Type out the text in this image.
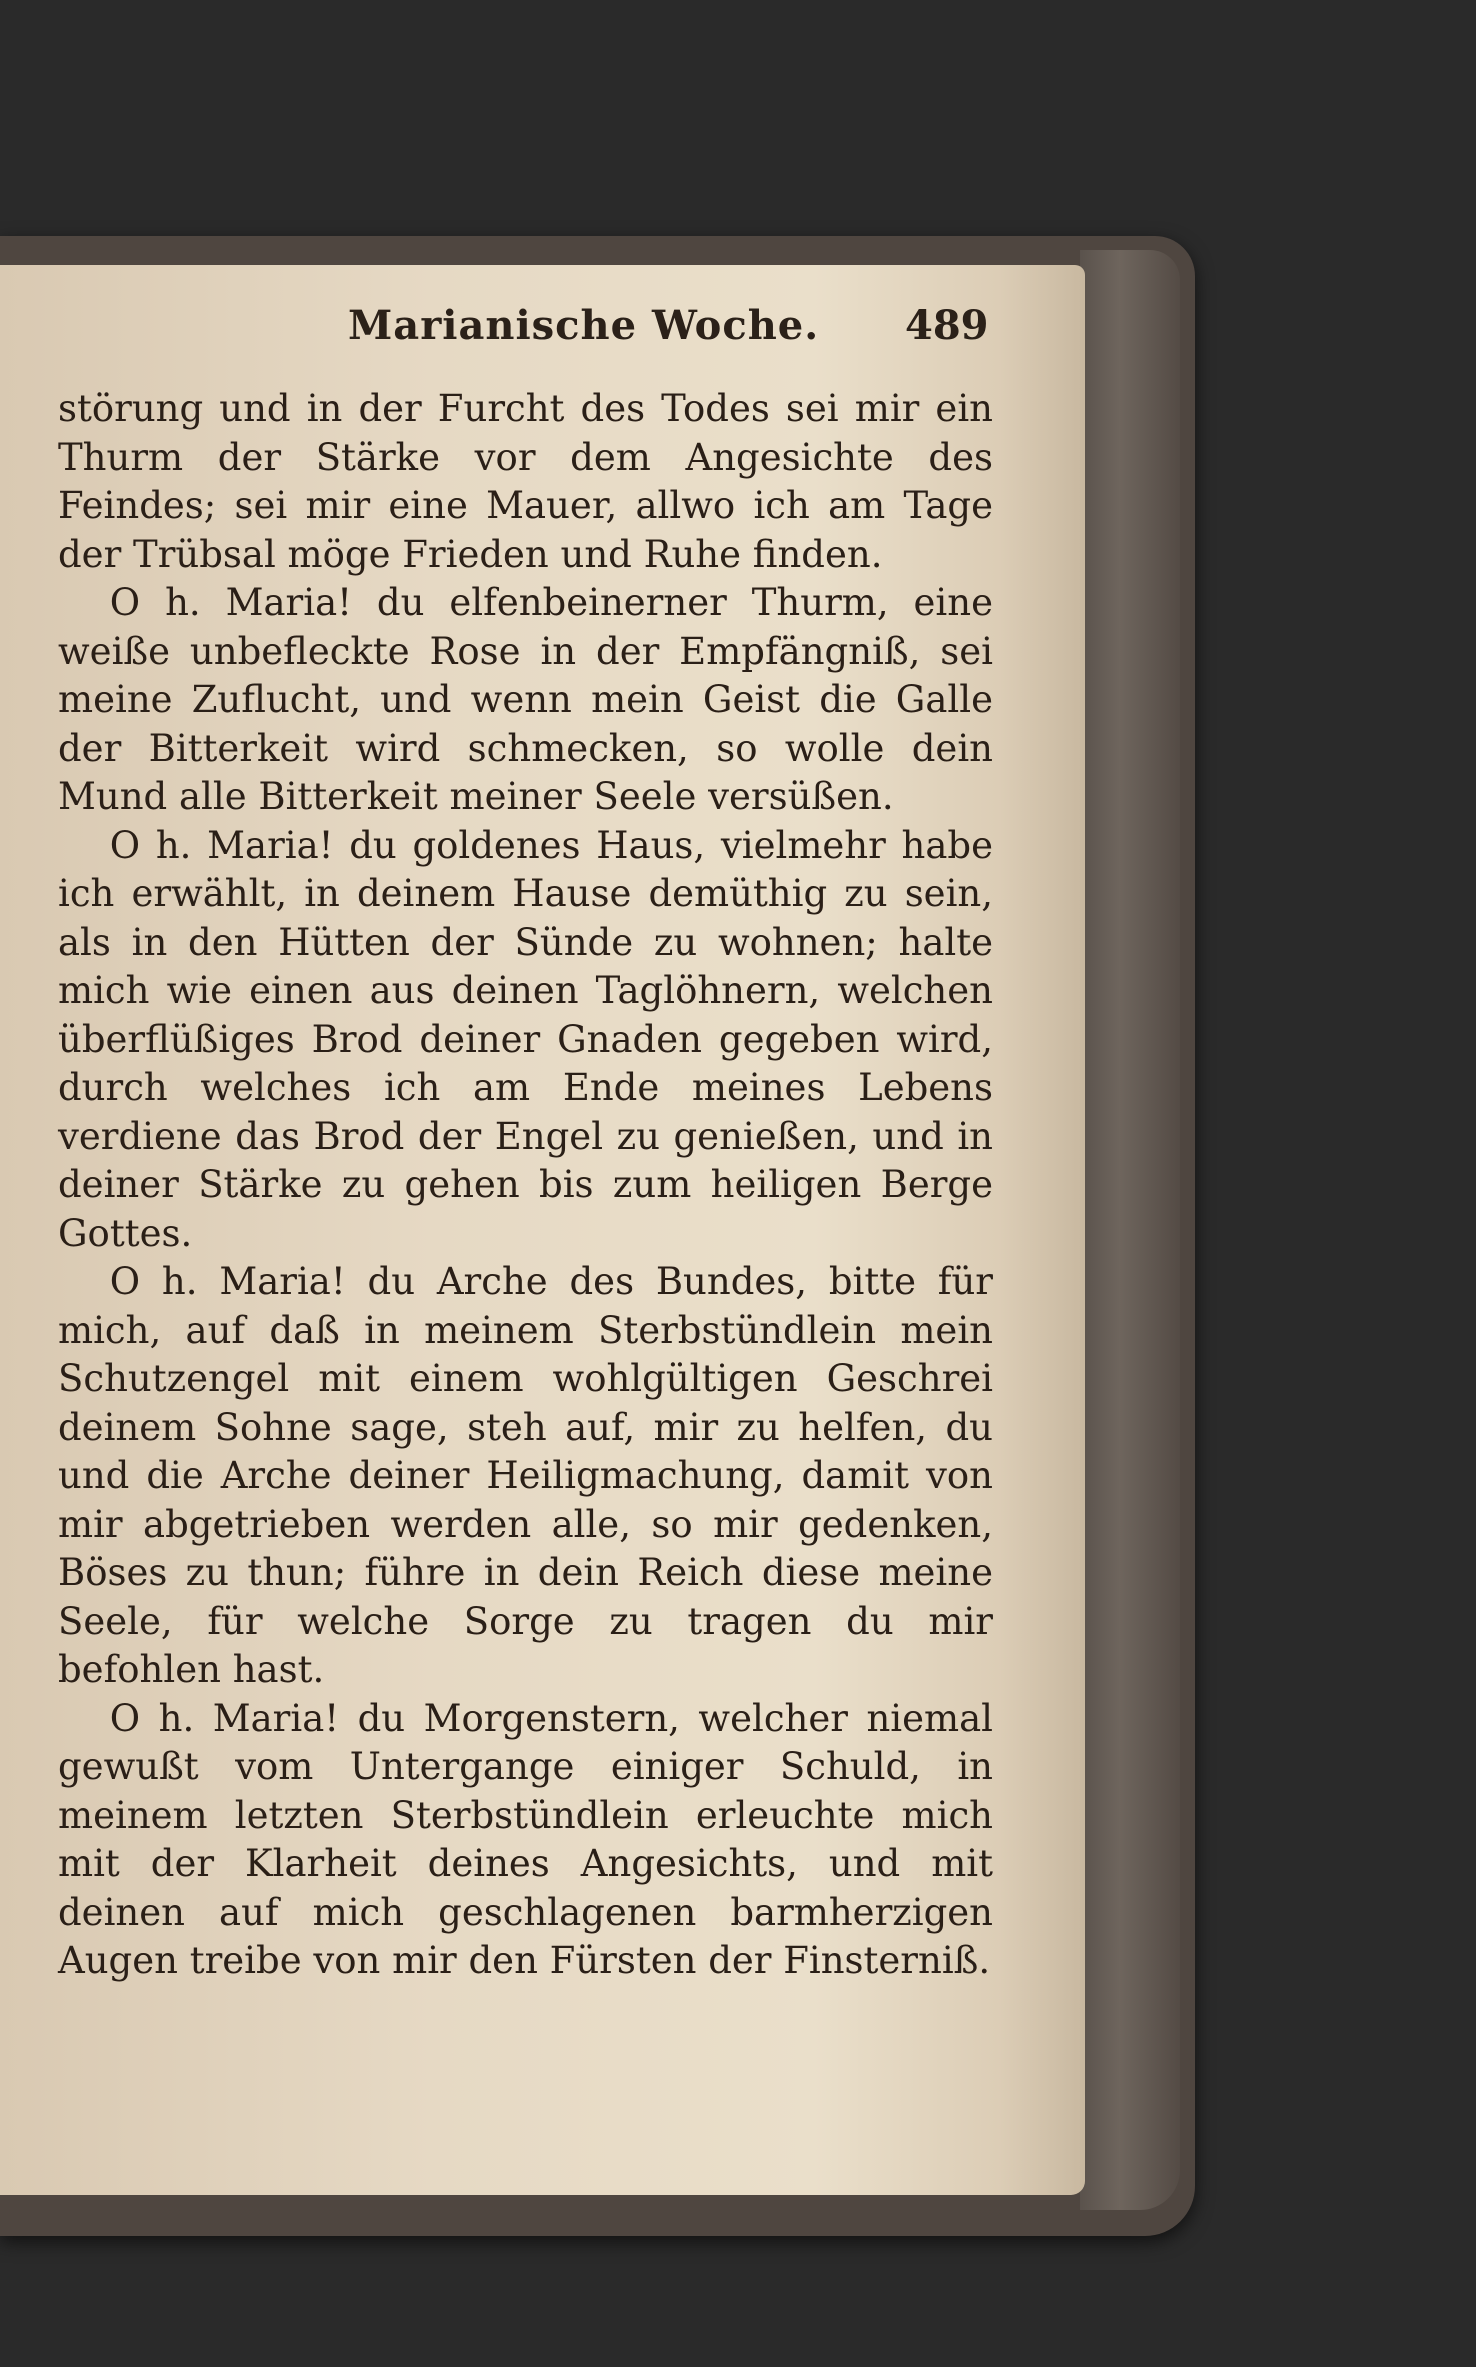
Marianische Woche. 489

störung und in der Furcht des Todes sei mir ein Thurm der Stärke vor dem Angesichte des Feindes; sei mir eine Mauer, allwo ich am Tage der Trübsal möge Frieden und Ruhe finden.

O h. Maria! du elfenbeinerner Thurm, eine weiße unbefleckte Rose in der Empfängniß, sei meine Zuflucht, und wenn mein Geist die Galle der Bitterkeit wird schmecken, so wolle dein Mund alle Bitterkeit meiner Seele versüßen.

O h. Maria! du goldenes Haus, vielmehr habe ich erwählt, in deinem Hause demüthig zu sein, als in den Hütten der Sünde zu wohnen; halte mich wie einen aus deinen Taglöhnern, welchen überflüßiges Brod deiner Gnaden gegeben wird, durch welches ich am Ende meines Lebens verdiene das Brod der Engel zu genießen, und in deiner Stärke zu gehen bis zum heiligen Berge Gottes.

O h. Maria! du Arche des Bundes, bitte für mich, auf daß in meinem Sterbstündlein mein Schutzengel mit einem wohlgültigen Geschrei deinem Sohne sage, steh auf, mir zu helfen, du und die Arche deiner Heiligmachung, damit von mir abgetrieben werden alle, so mir gedenken, Böses zu thun; führe in dein Reich diese meine Seele, für welche Sorge zu tragen du mir befohlen hast.

O h. Maria! du Morgenstern, welcher niemal gewußt vom Untergange einiger Schuld, in meinem letzten Sterbstündlein erleuchte mich mit der Klarheit deines Angesichts, und mit deinen auf mich geschlagenen barmherzigen Augen treibe von mir den Fürsten der Finsterniß.
